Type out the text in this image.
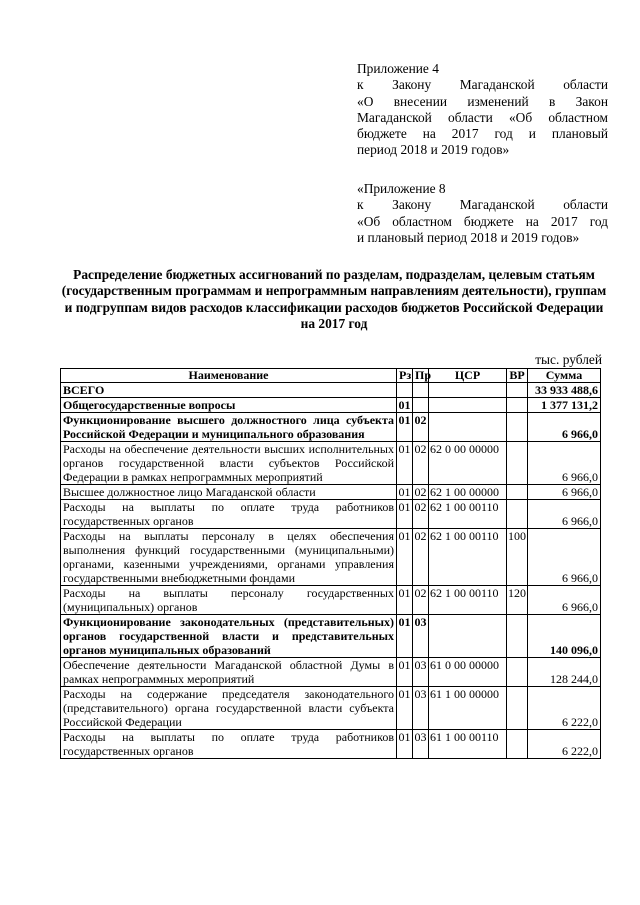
Приложение 4
к Закону Магаданской области
«О внесении изменений в Закон
Магаданской области «Об областном
бюджете на 2017 год и плановый
период 2018 и 2019 годов»
«Приложение 8
к Закону Магаданской области
«Об областном бюджете на 2017 год
и плановый период 2018 и 2019 годов»
Распределение бюджетных ассигнований по разделам, подразделам, целевым статьям (государственным программам и непрограммным направлениям деятельности), группам и подгруппам видов расходов классификации расходов бюджетов Российской Федерации на 2017 год
тыс. рублей
Наименование	Рз	Пр	ЦСР	ВР	Сумма
ВСЕГО					33 933 488,6
Общегосударственные вопросы	01				1 377 131,2
Функционирование высшего должностного лица субъекта Российской Федерации и муниципального образования	01	02			6 966,0
Расходы на обеспечение деятельности высших исполнительных органов государственной власти субъектов Российской Федерации в рамках непрограммных мероприятий	01	02	62 0 00 00000		6 966,0
Высшее должностное лицо Магаданской области	01	02	62 1 00 00000		6 966,0
Расходы на выплаты по оплате труда работников государственных органов	01	02	62 1 00 00110		6 966,0
Расходы на выплаты персоналу в целях обеспечения выполнения функций государственными (муниципальными) органами, казенными учреждениями, органами управления государственными внебюджетными фондами	01	02	62 1 00 00110	100	6 966,0
Расходы на выплаты персоналу государственных (муниципальных) органов	01	02	62 1 00 00110	120	6 966,0
Функционирование законодательных (представительных) органов государственной власти и представительных органов муниципальных образований	01	03			140 096,0
Обеспечение деятельности Магаданской областной Думы в рамках непрограммных мероприятий	01	03	61 0 00 00000		128 244,0
Расходы на содержание председателя законодательного (представительного) органа государственной власти субъекта Российской Федерации	01	03	61 1 00 00000		6 222,0
Расходы на выплаты по оплате труда работников государственных органов	01	03	61 1 00 00110		6 222,0
